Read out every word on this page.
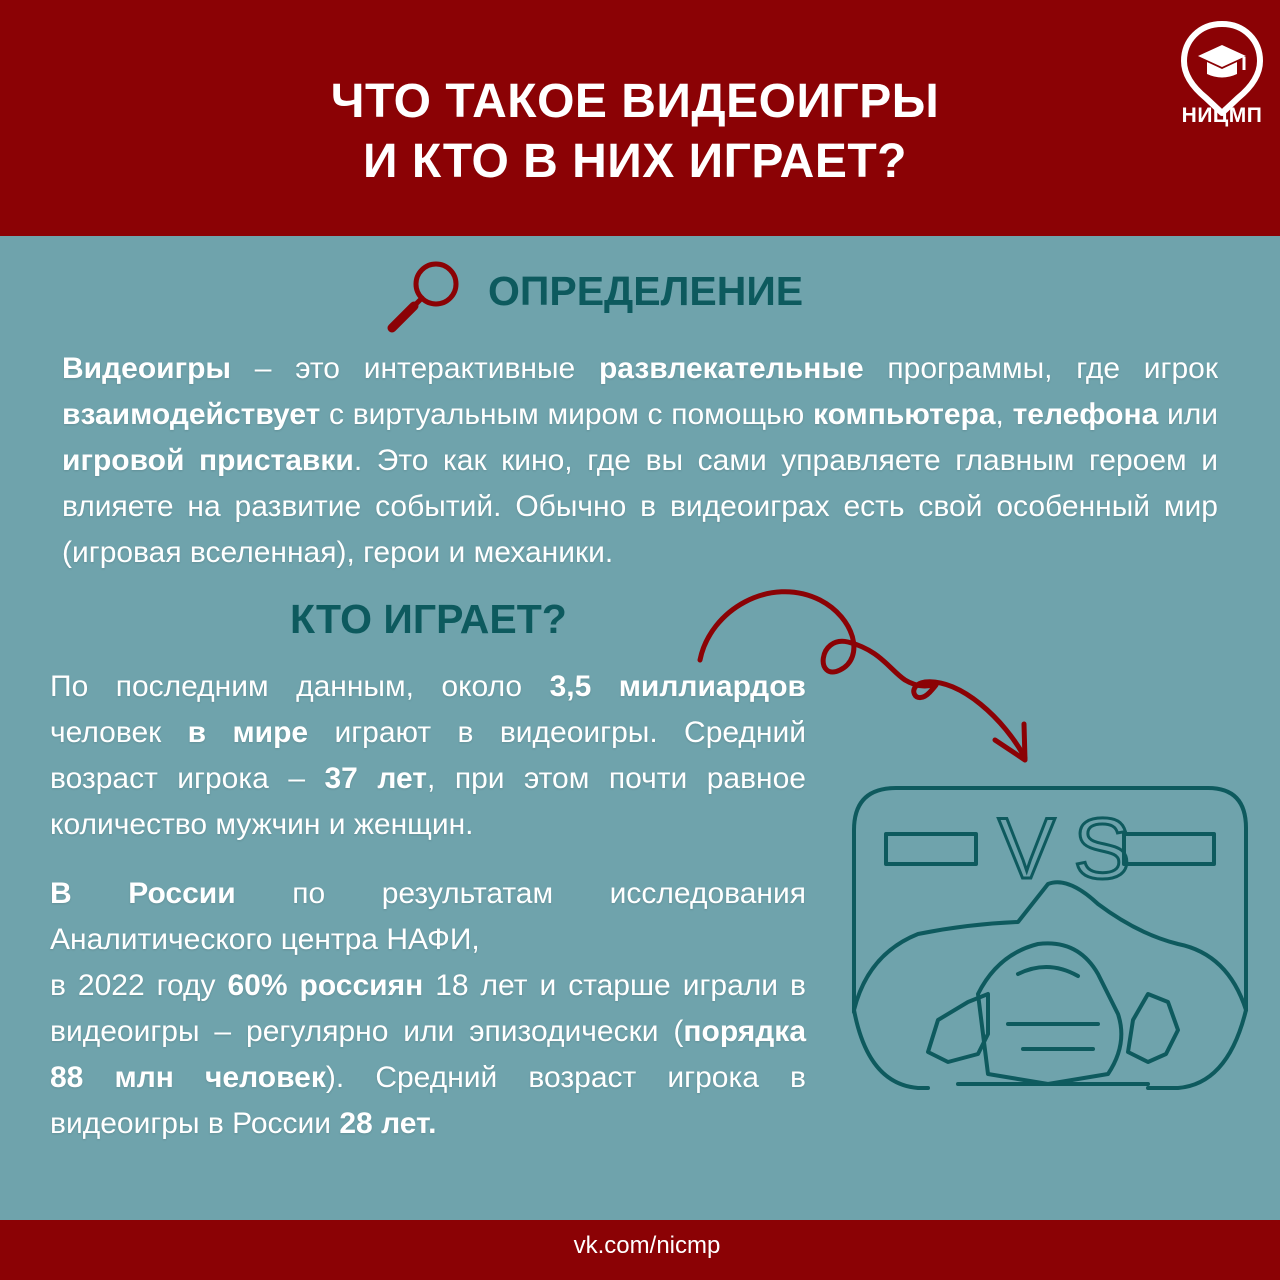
ЧТО ТАКОЕ ВИДЕОИГРЫ
И КТО В НИХ ИГРАЕТ?
НИЦМП
ОПРЕДЕЛЕНИЕ

Видеоигры – это интерактивные развлекательные программы, где игрок взаимодействует с виртуальным миром с помощью компьютера, телефона или игровой приставки. Это как кино, где вы сами управляете главным героем и влияете на развитие событий. Обычно в видеоиграх есть свой особенный мир (игровая вселенная), герои и механики.

КТО ИГРАЕТ?

По последним данным, около 3,5 миллиардов человек в мире играют в видеоигры. Средний возраст игрока – 37 лет, при этом почти равное количество мужчин и женщин.

В России по результатам исследования Аналитического центра НАФИ,
в 2022 году 60% россиян 18 лет и старше играли в видеоигры – регулярно или эпизодически (порядка 88 млн человек). Средний возраст игрока в видеоигры в России 28 лет.

VS
vk.com/nicmp
